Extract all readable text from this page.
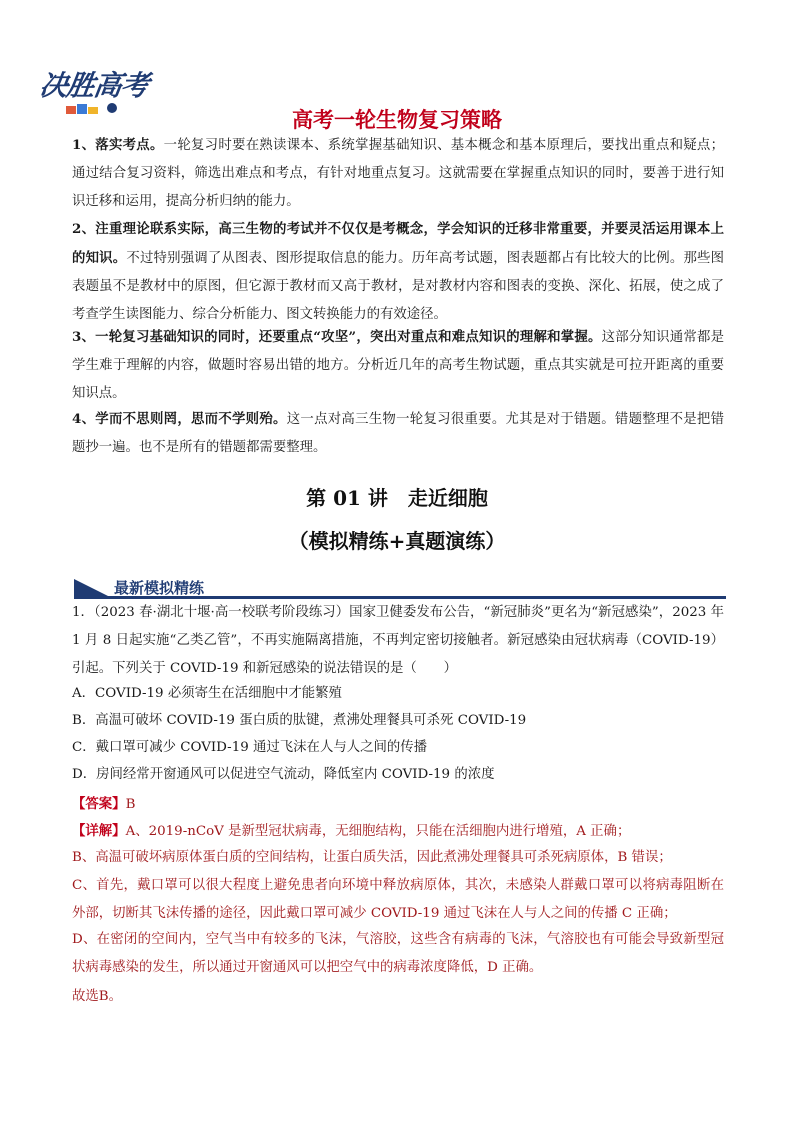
决胜高考
高考一轮生物复习策略

1、落实考点。一轮复习时要在熟读课本、系统掌握基础知识、基本概念和基本原理后，要找出重点和疑点；通过结合复习资料，筛选出难点和考点，有针对地重点复习。这就需要在掌握重点知识的同时，要善于进行知识迁移和运用，提高分析归纳的能力。

2、注重理论联系实际，高三生物的考试并不仅仅是考概念，学会知识的迁移非常重要，并要灵活运用课本上的知识。不过特别强调了从图表、图形提取信息的能力。历年高考试题，图表题都占有比较大的比例。那些图表题虽不是教材中的原图，但它源于教材而又高于教材，是对教材内容和图表的变换、深化、拓展，使之成了考查学生读图能力、综合分析能力、图文转换能力的有效途径。

3、一轮复习基础知识的同时，还要重点“攻坚”，突出对重点和难点知识的理解和掌握。这部分知识通常都是学生难于理解的内容，做题时容易出错的地方。分析近几年的高考生物试题，重点其实就是可拉开距离的重要知识点。

4、学而不思则罔，思而不学则殆。这一点对高三生物一轮复习很重要。尤其是对于错题。错题整理不是把错题抄一遍。也不是所有的错题都需要整理。

第 01 讲　走近细胞
（模拟精练+真题演练）
最新模拟精练

1．（2023 春·湖北十堰·高一校联考阶段练习）国家卫健委发布公告，“新冠肺炎”更名为“新冠感染”，2023 年 1 月 8 日起实施“乙类乙管”，不再实施隔离措施，不再判定密切接触者。新冠感染由冠状病毒（COVID-19）引起。下列关于 COVID-19 和新冠感染的说法错误的是（　　）

A．COVID-19 必须寄生在活细胞中才能繁殖

B．高温可破坏 COVID-19 蛋白质的肽键，煮沸处理餐具可杀死 COVID-19

C．戴口罩可减少 COVID-19 通过飞沫在人与人之间的传播

D．房间经常开窗通风可以促进空气流动，降低室内 COVID-19 的浓度

【答案】B

【详解】A、2019-nCoV 是新型冠状病毒，无细胞结构，只能在活细胞内进行增殖，A 正确；

B、高温可破坏病原体蛋白质的空间结构，让蛋白质失活，因此煮沸处理餐具可杀死病原体，B 错误；

C、首先，戴口罩可以很大程度上避免患者向环境中释放病原体，其次，未感染人群戴口罩可以将病毒阻断在外部，切断其飞沫传播的途径，因此戴口罩可减少 COVID-19 通过飞沫在人与人之间的传播 C 正确；

D、在密闭的空间内，空气当中有较多的飞沫，气溶胶，这些含有病毒的飞沫，气溶胶也有可能会导致新型冠状病毒感染的发生，所以通过开窗通风可以把空气中的病毒浓度降低，D 正确。

故选B。
